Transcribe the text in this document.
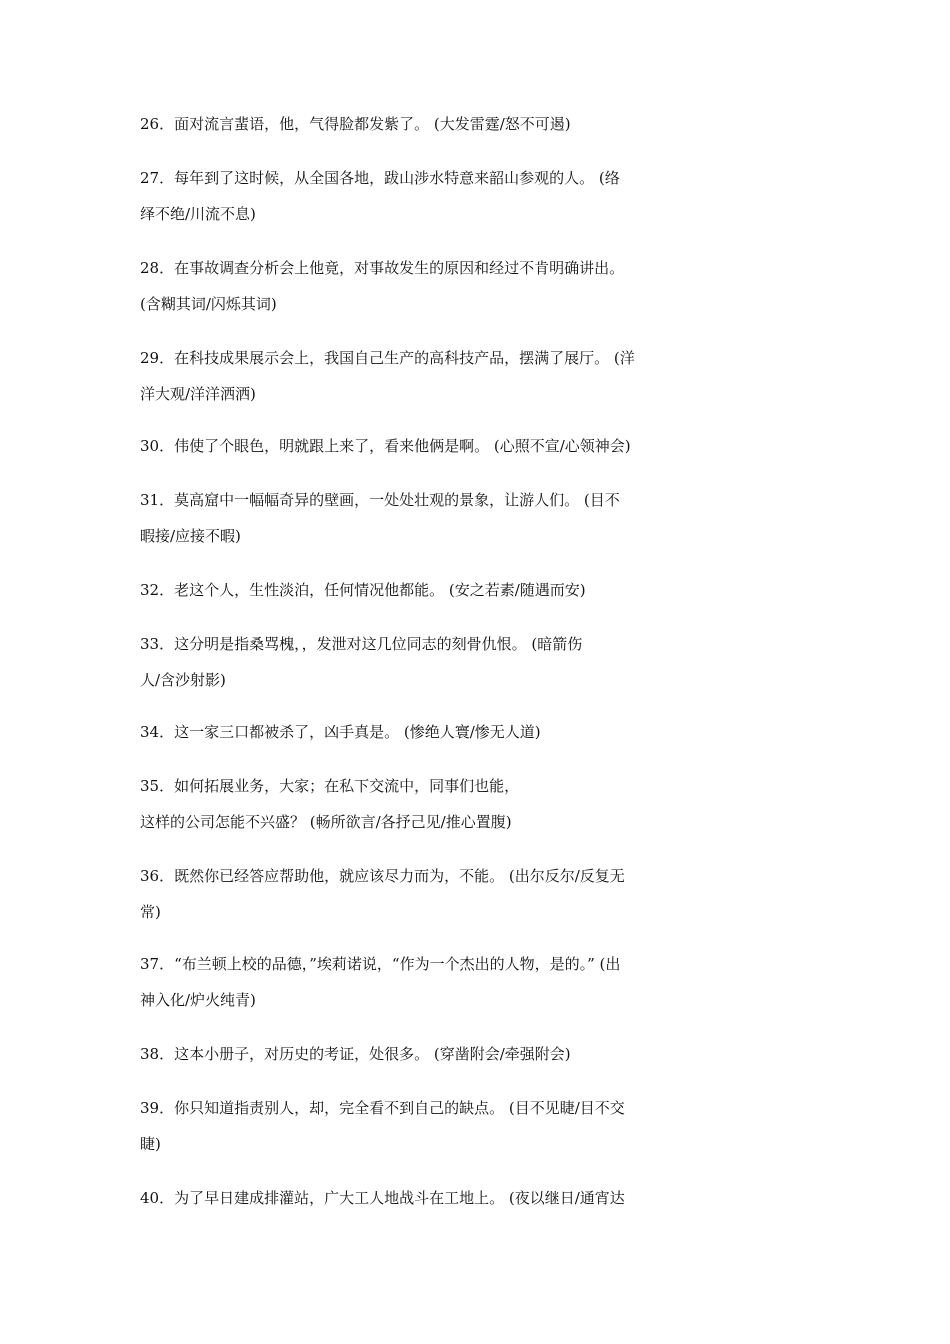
26．面对流言蜚语，他，气得脸都发紫了。 (大发雷霆/怒不可遏)
27．每年到了这时候，从全国各地，跋山涉水特意来韶山参观的人。 (络
绎不绝/川流不息)
28．在事故调查分析会上他竟，对事故发生的原因和经过不肯明确讲出。
(含糊其词/闪烁其词)
29．在科技成果展示会上，我国自己生产的高科技产品，摆满了展厅。 (洋
洋大观/洋洋洒洒)
30．伟使了个眼色，明就跟上来了，看来他俩是啊。 (心照不宣/心领神会)
31．莫高窟中一幅幅奇异的壁画，一处处壮观的景象，让游人们。 (目不
暇接/应接不暇)
32．老这个人，生性淡泊，任何情况他都能。 (安之若素/随遇而安)
33．这分明是指桑骂槐，，发泄对这几位同志的刻骨仇恨。 (暗箭伤
人/含沙射影)
34．这一家三口都被杀了，凶手真是。 (惨绝人寰/惨无人道)
35．如何拓展业务，大家；在私下交流中，同事们也能，
这样的公司怎能不兴盛？ (畅所欲言/各抒己见/推心置腹)
36．既然你已经答应帮助他，就应该尽力而为，不能。 (出尔反尔/反复无
常)
37．“布兰顿上校的品德，”埃莉诺说，“作为一个杰出的人物，是的。” (出
神入化/炉火纯青)
38．这本小册子，对历史的考证，处很多。 (穿凿附会/牵强附会)
39．你只知道指责别人，却，完全看不到自己的缺点。 (目不见睫/目不交
睫)
40．为了早日建成排灌站，广大工人地战斗在工地上。 (夜以继日/通宵达
